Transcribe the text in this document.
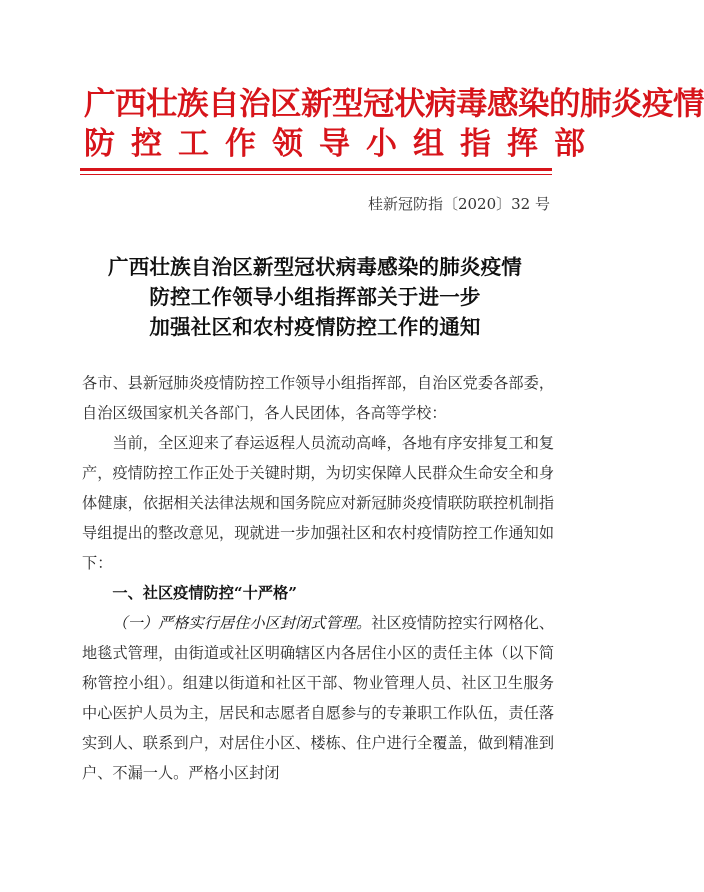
广西壮族自治区新型冠状病毒感染的肺炎疫情
防控工作领导小组指挥部
桂新冠防指〔2020〕32 号
广西壮族自治区新型冠状病毒感染的肺炎疫情
防控工作领导小组指挥部关于进一步
加强社区和农村疫情防控工作的通知

各市、县新冠肺炎疫情防控工作领导小组指挥部，自治区党委各部委，自治区级国家机关各部门，各人民团体，各高等学校：

当前，全区迎来了春运返程人员流动高峰，各地有序安排复工和复产，疫情防控工作正处于关键时期，为切实保障人民群众生命安全和身体健康，依据相关法律法规和国务院应对新冠肺炎疫情联防联控机制指导组提出的整改意见，现就进一步加强社区和农村疫情防控工作通知如下：

一、社区疫情防控“十严格”

（一）严格实行居住小区封闭式管理。社区疫情防控实行网格化、地毯式管理，由街道或社区明确辖区内各居住小区的责任主体（以下简称管控小组）。组建以街道和社区干部、物业管理人员、社区卫生服务中心医护人员为主，居民和志愿者自愿参与的专兼职工作队伍，责任落实到人、联系到户，对居住小区、楼栋、住户进行全覆盖，做到精准到户、不漏一人。严格小区封闭
